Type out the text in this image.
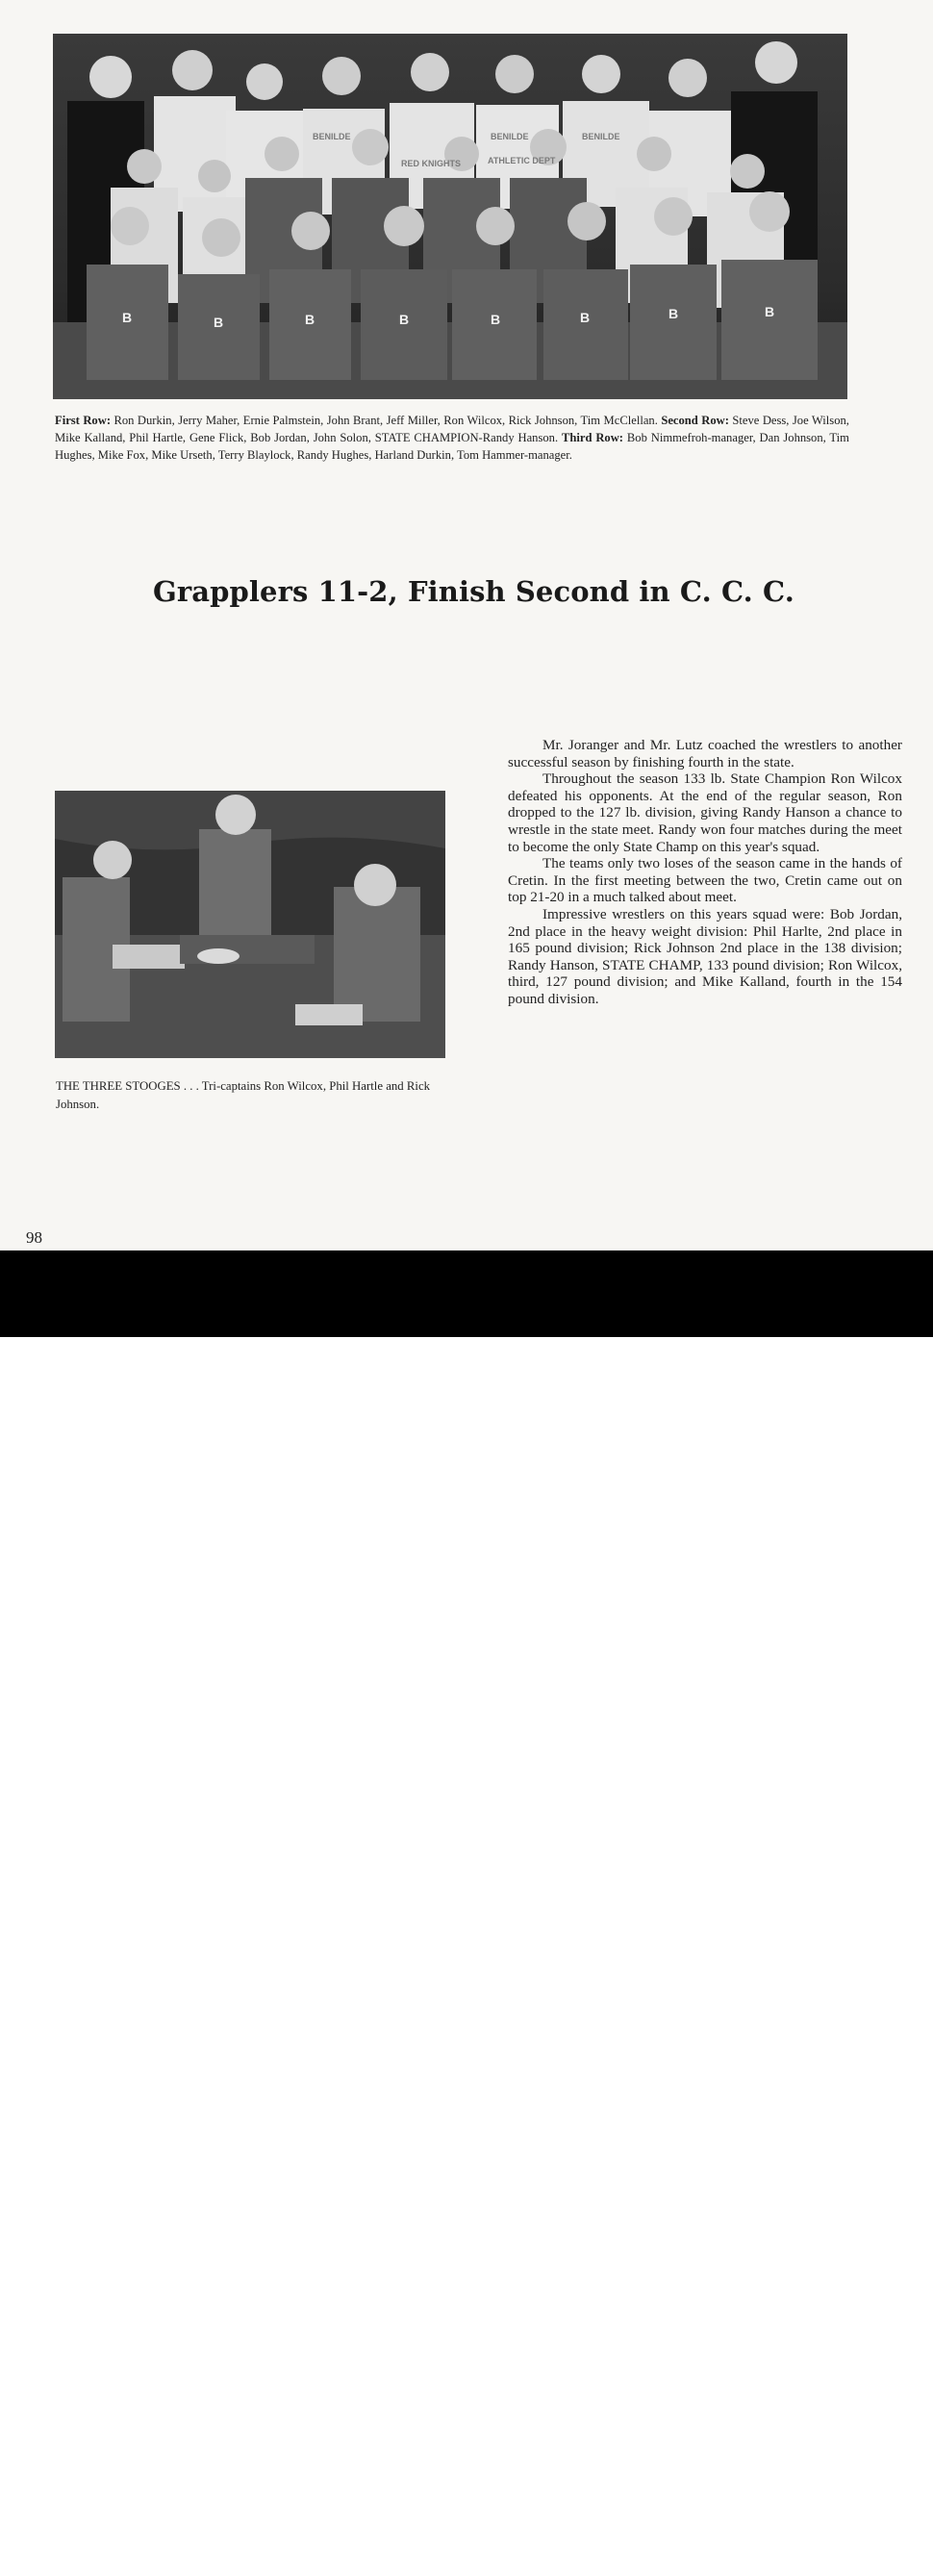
B	B	B	B	B	B	B	B
BENILDE	BENILDE	BENILDE
ATHLETIC DEPT
RED KNIGHTS
First Row: Ron Durkin, Jerry Maher, Ernie Palmstein, John Brant, Jeff Miller, Ron Wilcox, Rick Johnson, Tim McClellan. Second Row: Steve Dess, Joe Wilson, Mike Kalland, Phil Hartle, Gene Flick, Bob Jordan, John Solon, STATE CHAMPION-Randy Hanson. Third Row: Bob Nimmefroh-manager, Dan Johnson, Tim Hughes, Mike Fox, Mike Urseth, Terry Blaylock, Randy Hughes, Harland Durkin, Tom Hammer-manager.
Grapplers 11-2, Finish Second in C. C. C.
THE THREE STOOGES . . . Tri-captains Ron Wilcox, Phil Hartle and Rick Johnson.

Mr. Joranger and Mr. Lutz coached the wrestlers to another successful season by finishing fourth in the state.

Throughout the season 133 lb. State Champion Ron Wilcox defeated his opponents. At the end of the regular season, Ron dropped to the 127 lb. division, giving Randy Hanson a chance to wrestle in the state meet. Randy won four matches during the meet to become the only State Champ on this year's squad.

The teams only two loses of the season came in the hands of Cretin. In the first meeting between the two, Cretin came out on top 21-20 in a much talked about meet.

Impressive wrestlers on this years squad were: Bob Jordan, 2nd place in the heavy weight division: Phil Harlte, 2nd place in 165 pound division; Rick Johnson 2nd place in the 138 division; Randy Hanson, STATE CHAMP, 133 pound division; Ron Wilcox, third, 127 pound division; and Mike Kalland, fourth in the 154 pound division.

98
alamy	3A8WJAR
Image ID: 3A8WJAR
www.alamy.com
